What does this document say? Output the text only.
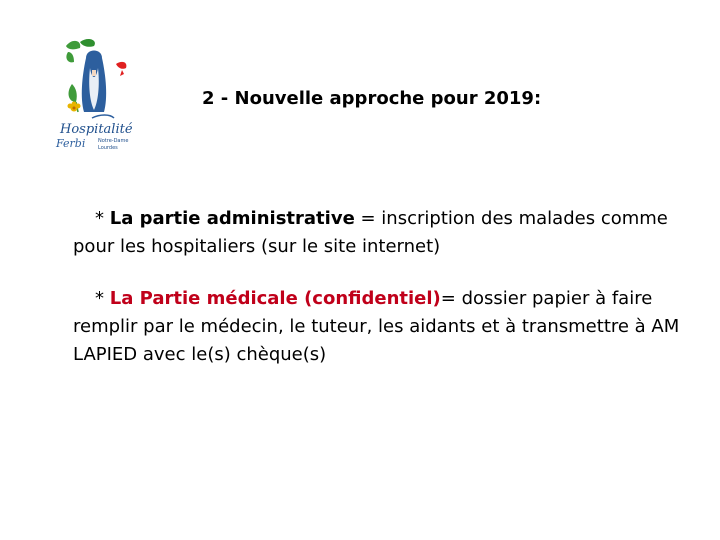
Hospitalité
Ferbi	Notre-Dame
Lourdes
2 - Nouvelle approche pour 2019:
* La partie administrative = inscription des malades comme pour les hospitaliers (sur le site internet)
* La Partie médicale (confidentiel)= dossier papier à faire remplir par le médecin, le tuteur, les aidants et à transmettre à AM LAPIED avec le(s) chèque(s)
